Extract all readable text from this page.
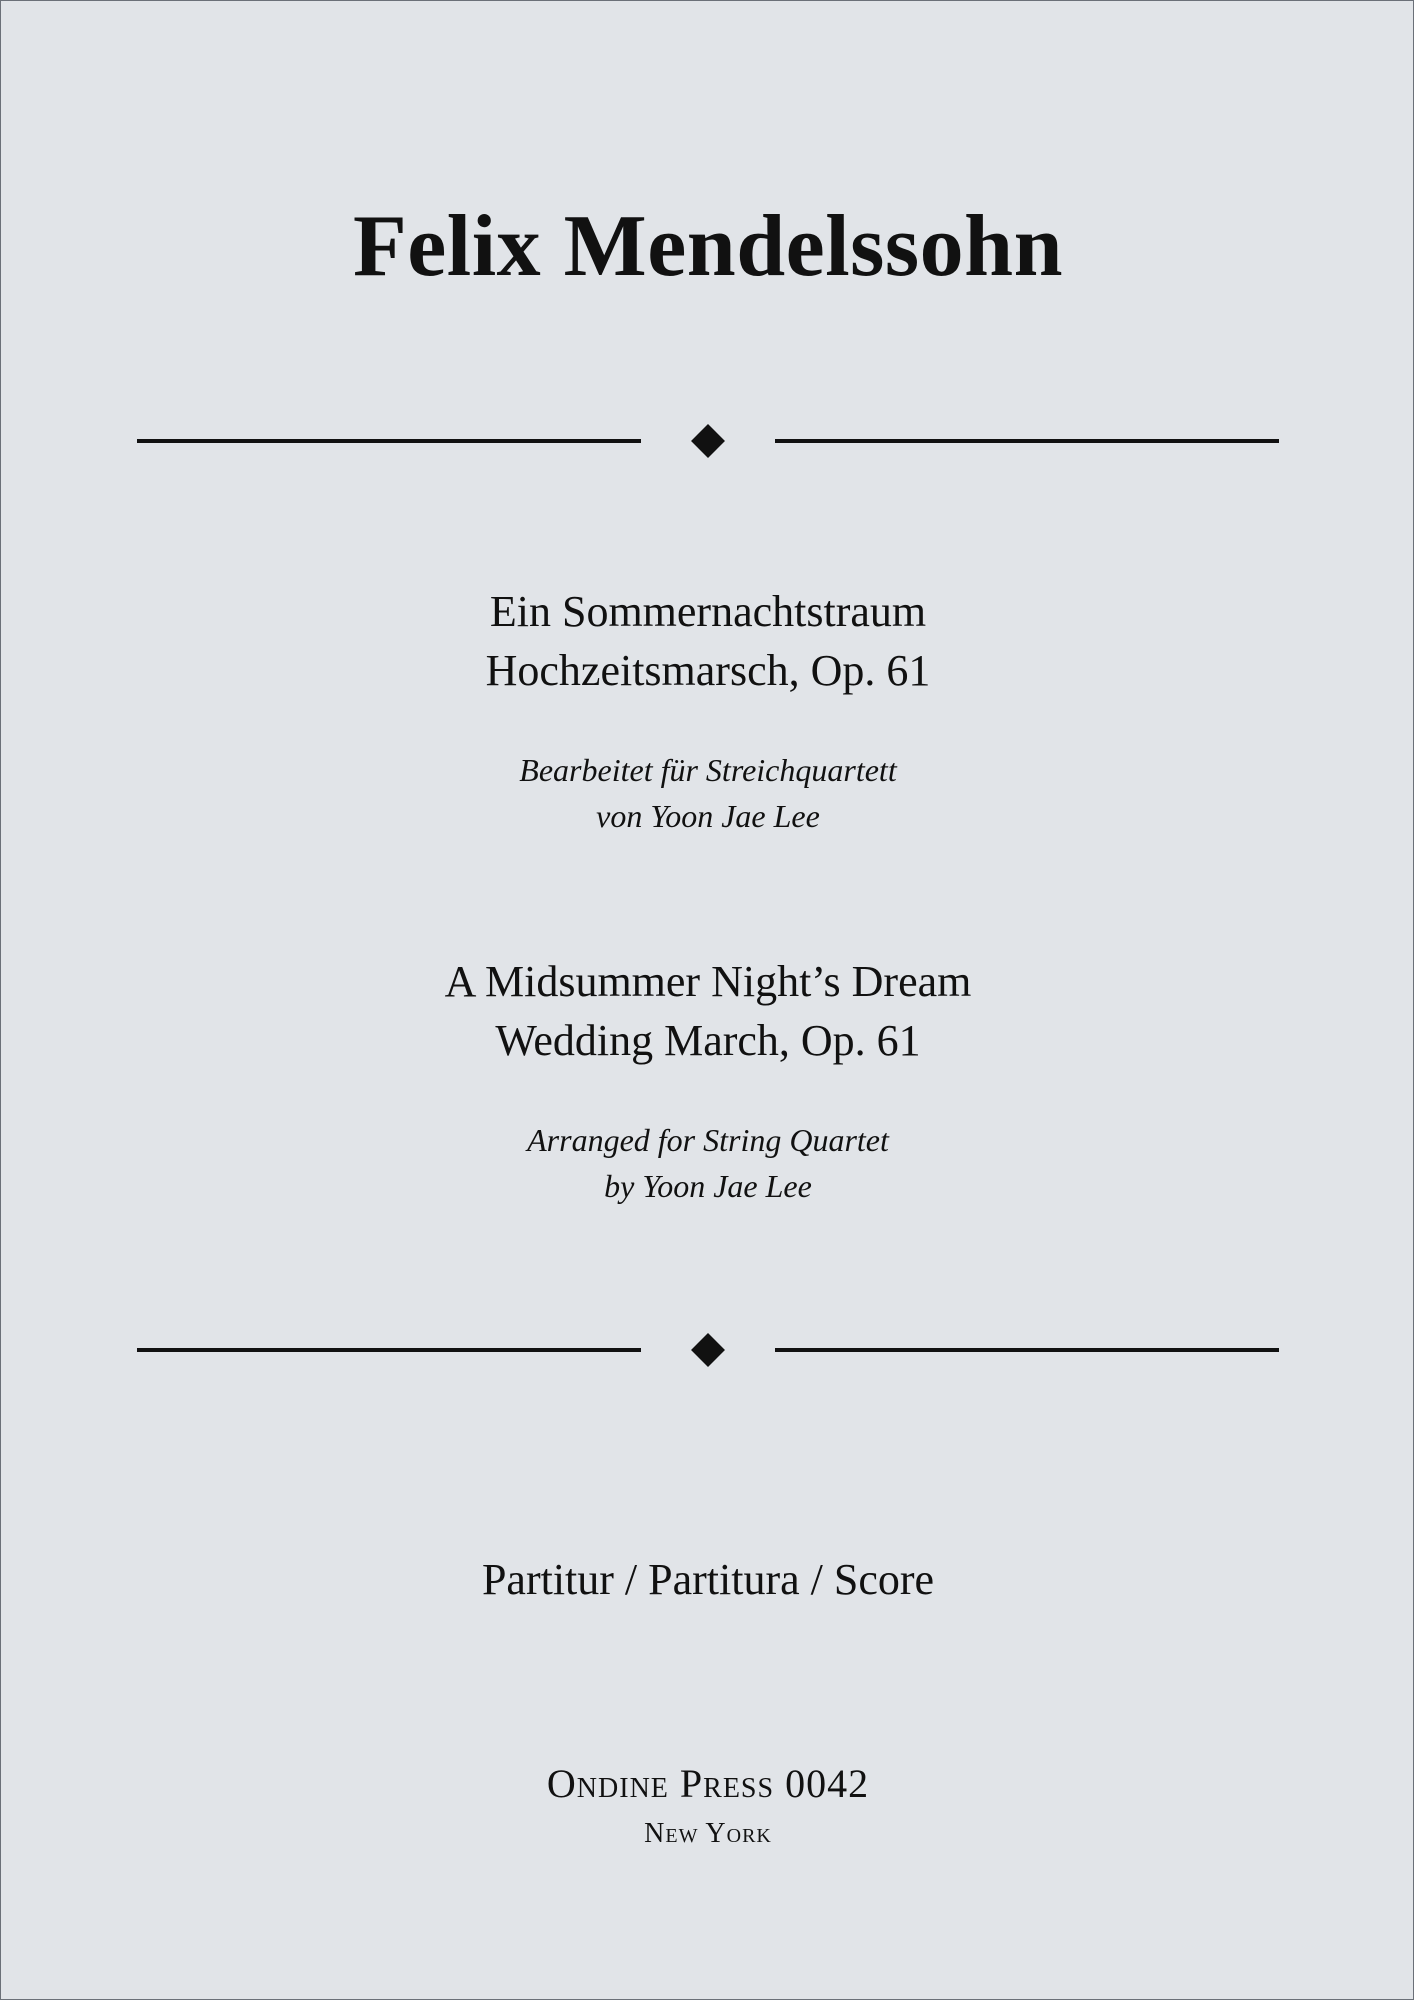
Felix Mendelssohn
Ein Sommernachtstraum
Hochzeitsmarsch, Op. 61
Bearbeitet für Streichquartett
von Yoon Jae Lee
A Midsummer Night’s Dream
Wedding March, Op. 61
Arranged for String Quartet
by Yoon Jae Lee
Partitur / Partitura / Score
Ondine Press 0042
New York
